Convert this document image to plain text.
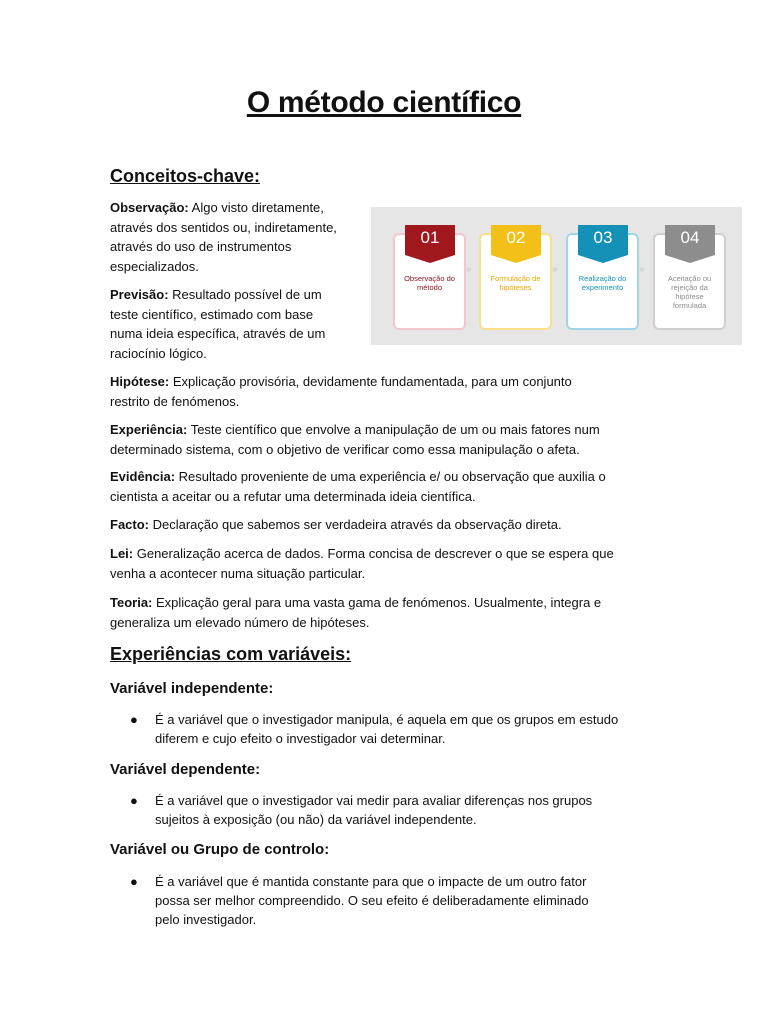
O método científico
Conceitos-chave:
Observação: Algo visto diretamente,
através dos sentidos ou, indiretamente,
através do uso de instrumentos
especializados.
Previsão: Resultado possível de um
teste científico, estimado com base
numa ideia específica, através de um
raciocínio lógico.
01
Observação do método
»
02
Formulação de hipóteses
»
03
Realização do experimento
»
04
Aceitação ou rejeição da hipótese formulada
Hipótese: Explicação provisória, devidamente fundamentada, para um conjunto
restrito de fenómenos.
Experiência: Teste científico que envolve a manipulação de um ou mais fatores num
determinado sistema, com o objetivo de verificar como essa manipulação o afeta.
Evidência: Resultado proveniente de uma experiência e/ ou observação que auxilia o
cientista a aceitar ou a refutar uma determinada ideia científica.
Facto: Declaração que sabemos ser verdadeira através da observação direta.
Lei: Generalização acerca de dados. Forma concisa de descrever o que se espera que
venha a acontecer numa situação particular.
Teoria: Explicação geral para uma vasta gama de fenómenos. Usualmente, integra e
generaliza um elevado número de hipóteses.
Experiências com variáveis:
Variável independente:
● É a variável que o investigador manipula, é aquela em que os grupos em estudo
diferem e cujo efeito o investigador vai determinar.
Variável dependente:
● É a variável que o investigador vai medir para avaliar diferenças nos grupos
sujeitos à exposição (ou não) da variável independente.
Variável ou Grupo de controlo:
● É a variável que é mantida constante para que o impacte de um outro fator
possa ser melhor compreendido. O seu efeito é deliberadamente eliminado
pelo investigador.
